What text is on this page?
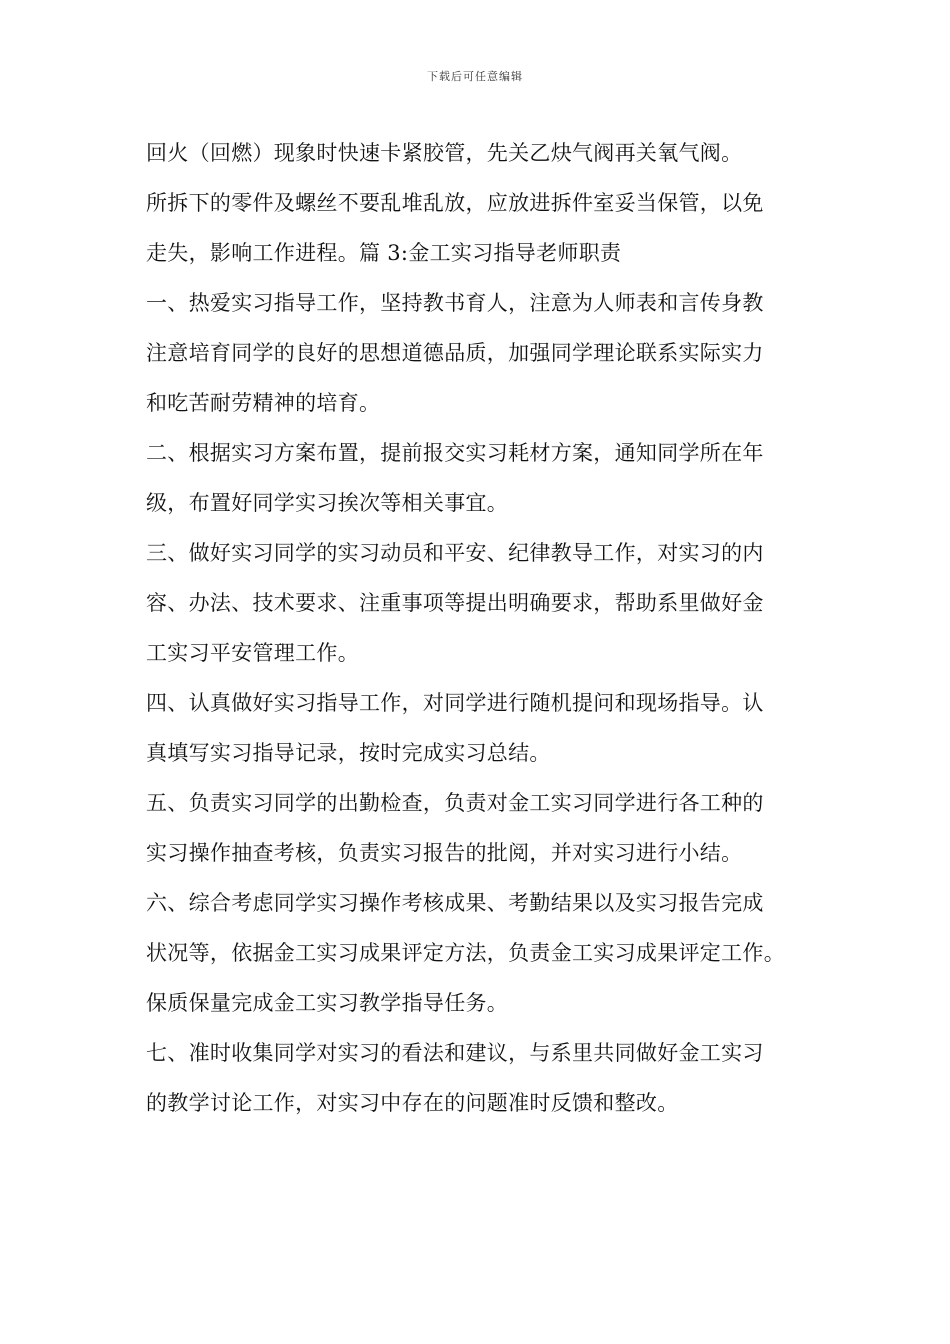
下载后可任意编辑
回火（回燃）现象时快速卡紧胶管，先关乙炔气阀再关氧气阀。
所拆下的零件及螺丝不要乱堆乱放，应放进拆件室妥当保管，以免
走失，影响工作进程。篇 3:金工实习指导老师职责
一、热爱实习指导工作，坚持教书育人，注意为人师表和言传身教
注意培育同学的良好的思想道德品质，加强同学理论联系实际实力
和吃苦耐劳精神的培育。
二、根据实习方案布置，提前报交实习耗材方案，通知同学所在年
级，布置好同学实习挨次等相关事宜。
三、做好实习同学的实习动员和平安、纪律教导工作，对实习的内
容、办法、技术要求、注重事项等提出明确要求，帮助系里做好金
工实习平安管理工作。
四、认真做好实习指导工作，对同学进行随机提问和现场指导。认
真填写实习指导记录，按时完成实习总结。
五、负责实习同学的出勤检查，负责对金工实习同学进行各工种的
实习操作抽查考核，负责实习报告的批阅，并对实习进行小结。
六、综合考虑同学实习操作考核成果、考勤结果以及实习报告完成
状况等，依据金工实习成果评定方法，负责金工实习成果评定工作。
保质保量完成金工实习教学指导任务。
七、准时收集同学对实习的看法和建议，与系里共同做好金工实习
的教学讨论工作，对实习中存在的问题准时反馈和整改。
